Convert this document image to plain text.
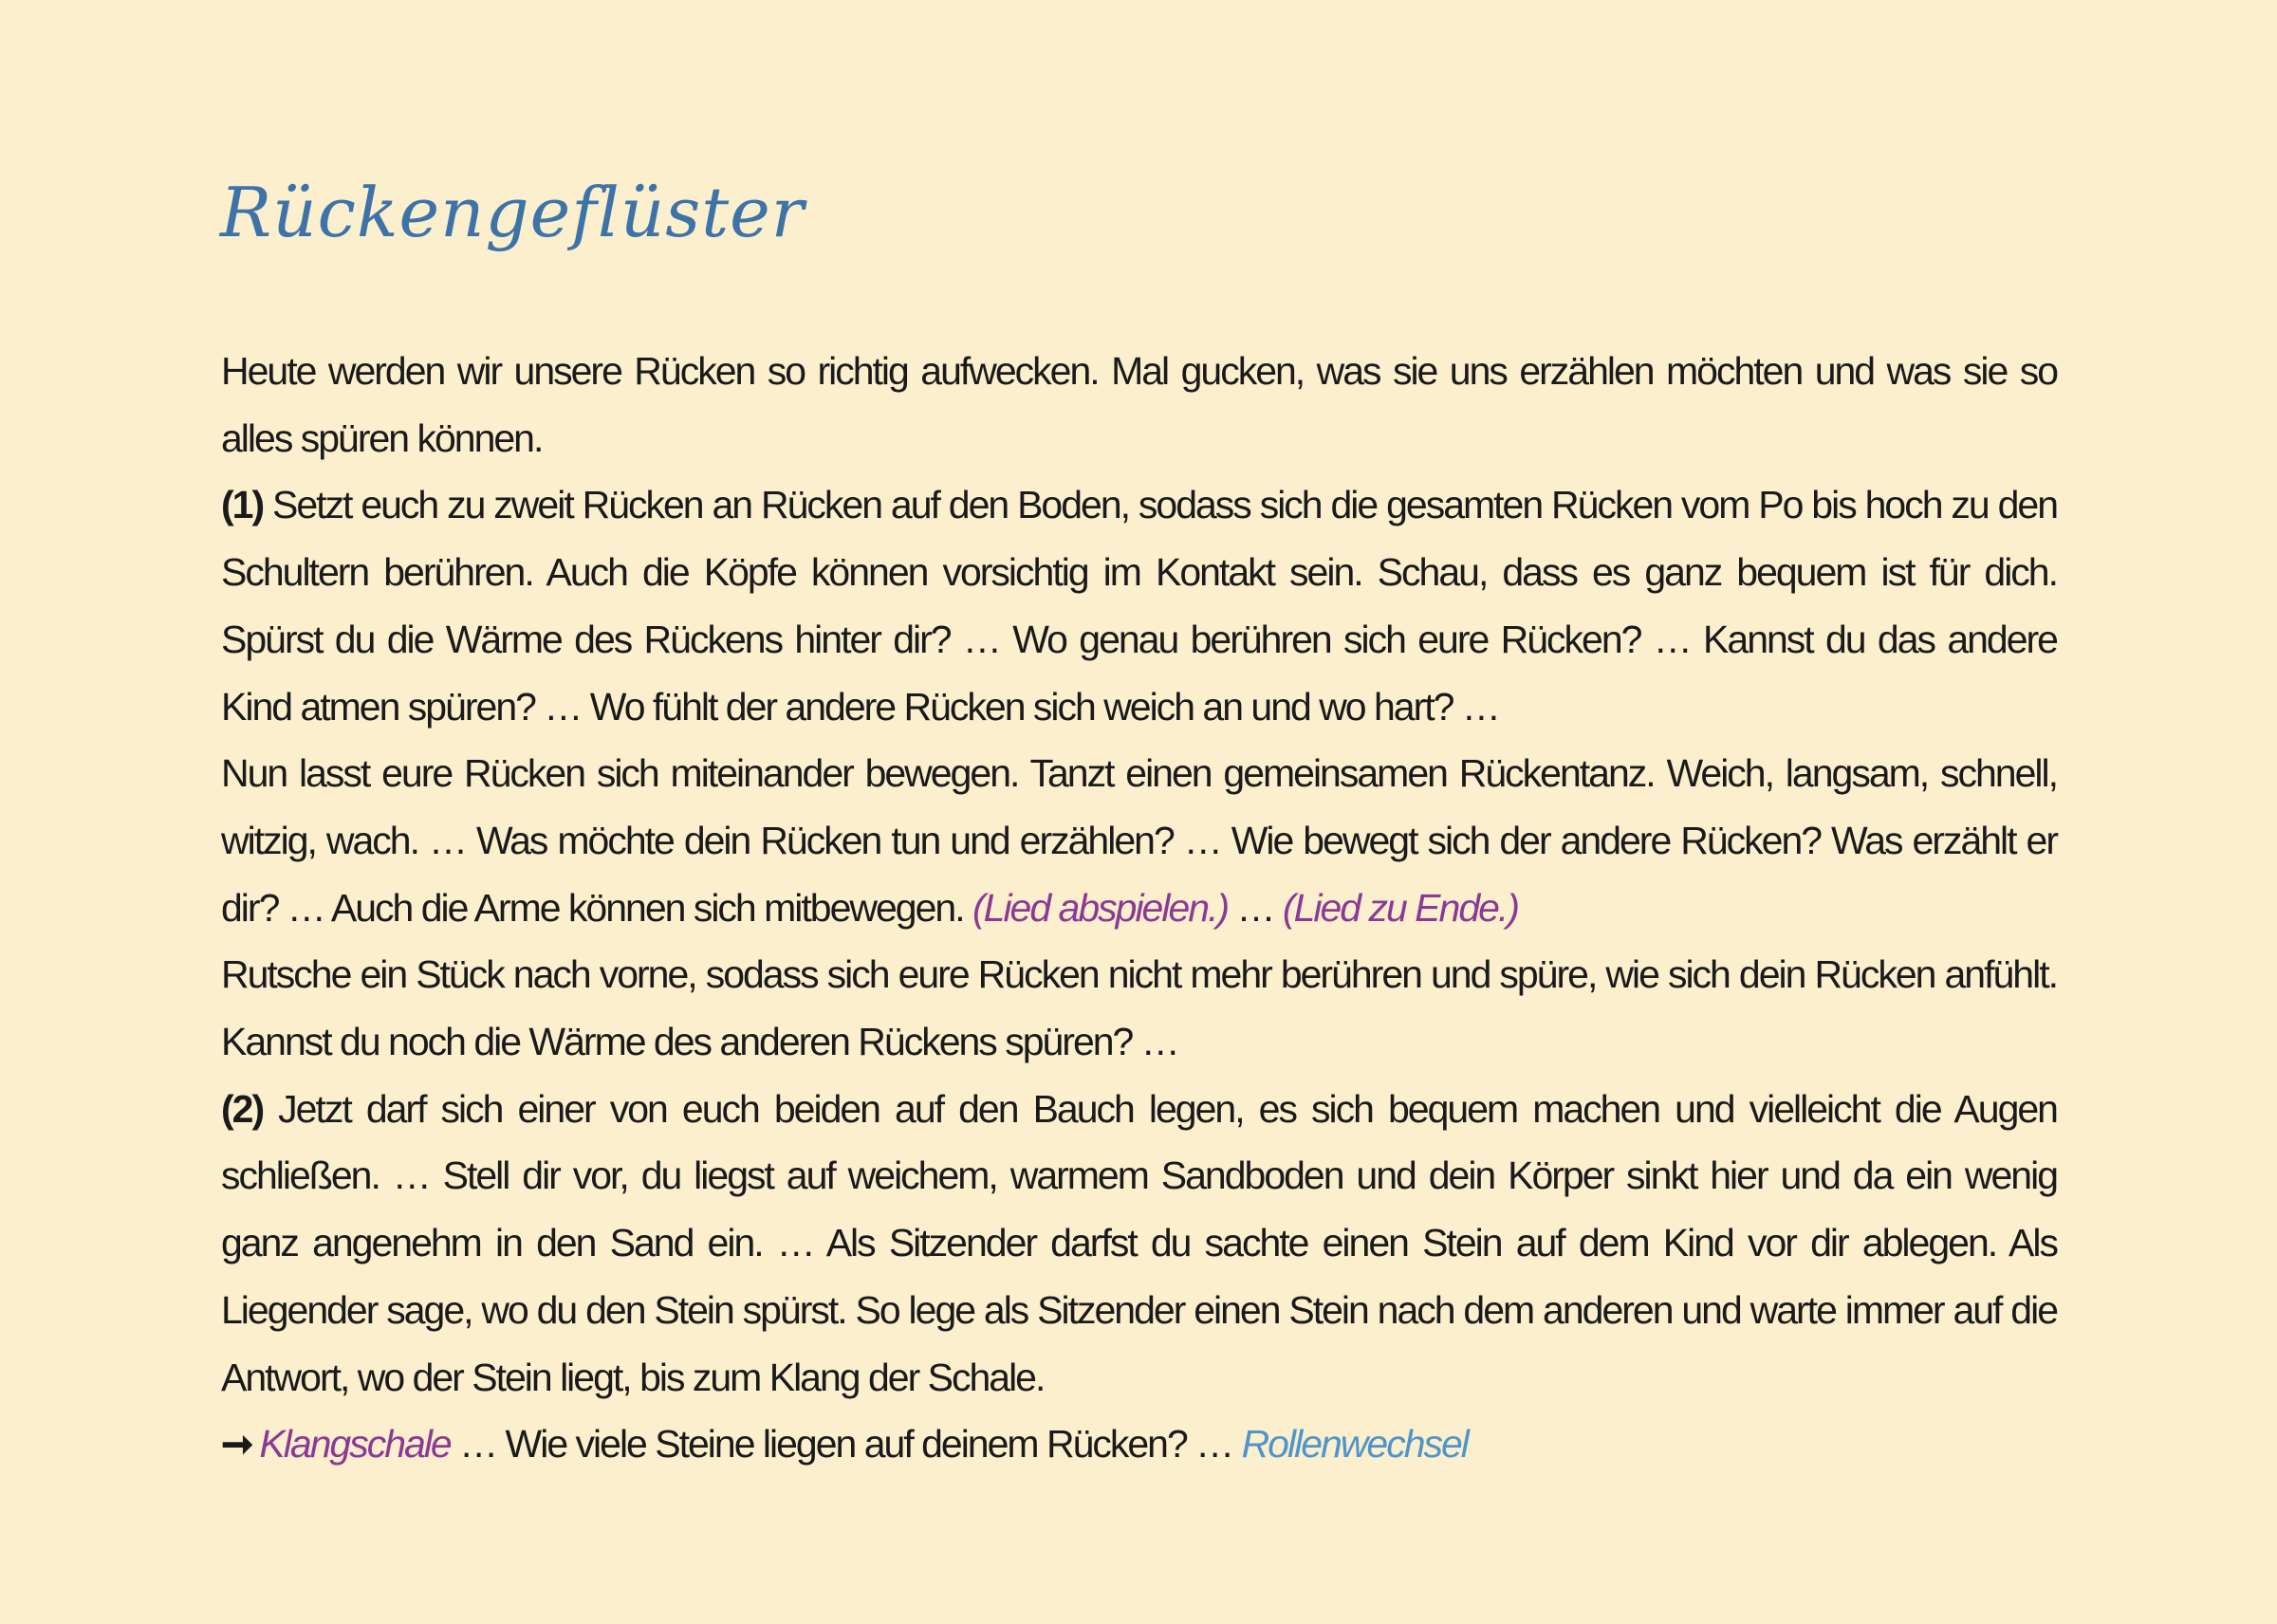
Rückengeflüster

Heute werden wir unsere Rücken so richtig aufwecken. Mal gucken, was sie uns erzählen möchten und was sie so alles spüren können.

(1) Setzt euch zu zweit Rücken an Rücken auf den Boden, sodass sich die gesamten Rücken vom Po bis hoch zu den Schultern berühren. Auch die Köpfe können vorsichtig im Kontakt sein. Schau, dass es ganz bequem ist für dich. Spürst du die Wärme des Rückens hinter dir? … Wo genau berühren sich eure Rücken? … Kannst du das andere Kind atmen spüren? … Wo fühlt der andere Rücken sich weich an und wo hart? …

Nun lasst eure Rücken sich miteinander bewegen. Tanzt einen gemeinsamen Rückentanz. Weich, langsam, schnell, witzig, wach. … Was möchte dein Rücken tun und erzählen? … Wie bewegt sich der andere Rücken? Was erzählt er dir? … Auch die Arme können sich mitbewegen. (Lied abspielen.) … (Lied zu Ende.)

Rutsche ein Stück nach vorne, sodass sich eure Rücken nicht mehr berühren und spüre, wie sich dein Rücken anfühlt. Kannst du noch die Wärme des anderen Rückens spüren? …

(2) Jetzt darf sich einer von euch beiden auf den Bauch legen, es sich bequem machen und vielleicht die Augen schließen. … Stell dir vor, du liegst auf weichem, warmem Sandboden und dein Körper sinkt hier und da ein wenig ganz angenehm in den Sand ein. … Als Sitzender darfst du sachte einen Stein auf dem Kind vor dir ablegen. Als Liegender sage, wo du den Stein spürst. So lege als Sitzender einen Stein nach dem anderen und warte immer auf die Antwort, wo der Stein liegt, bis zum Klang der Schale.

➞ Klangschale … Wie viele Steine liegen auf deinem Rücken? … Rollenwechsel
